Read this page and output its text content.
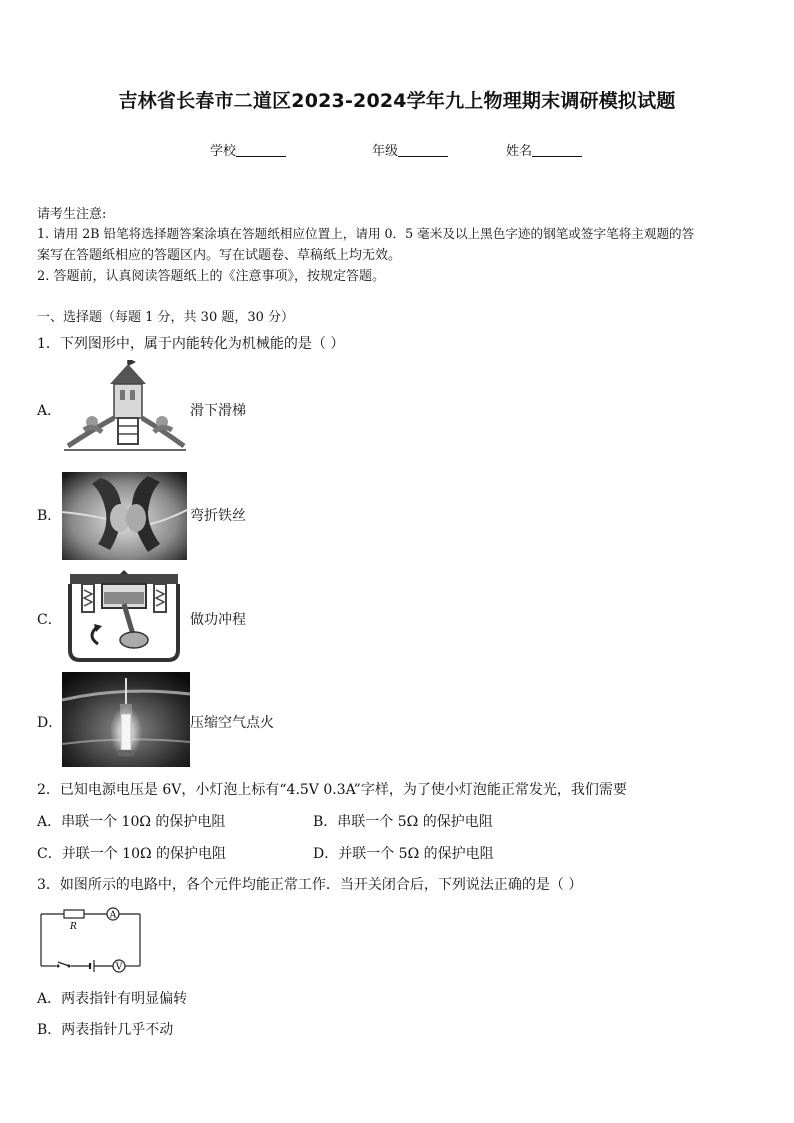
吉林省长春市二道区2023-2024学年九上物理期末调研模拟试题
学校	年级	姓名
请考生注意:
1. 请用 2B 铅笔将选择题答案涂填在答题纸相应位置上，请用 0．5 毫米及以上黑色字迹的钢笔或签字笔将主观题的答
案写在答题纸相应的答题区内。写在试题卷、草稿纸上均无效。
2. 答题前，认真阅读答题纸上的《注意事项》，按规定答题。
一、选择题（每题 1 分，共 30 题，30 分）
1．下列图形中，属于内能转化为机械能的是（ ）
A．	滑下滑梯
B．	弯折铁丝
C．	做功冲程
D．	压缩空气点火
2．已知电源电压是 6V，小灯泡上标有“4.5V 0.3A”字样，为了使小灯泡能正常发光，我们需要
A．串联一个 10Ω 的保护电阻	B．串联一个 5Ω 的保护电阻
C．并联一个 10Ω 的保护电阻	D．并联一个 5Ω 的保护电阻
3．如图所示的电路中，各个元件均能正常工作．当开关闭合后，下列说法正确的是（ ）
A
V
R
A．两表指针有明显偏转
B．两表指针几乎不动
